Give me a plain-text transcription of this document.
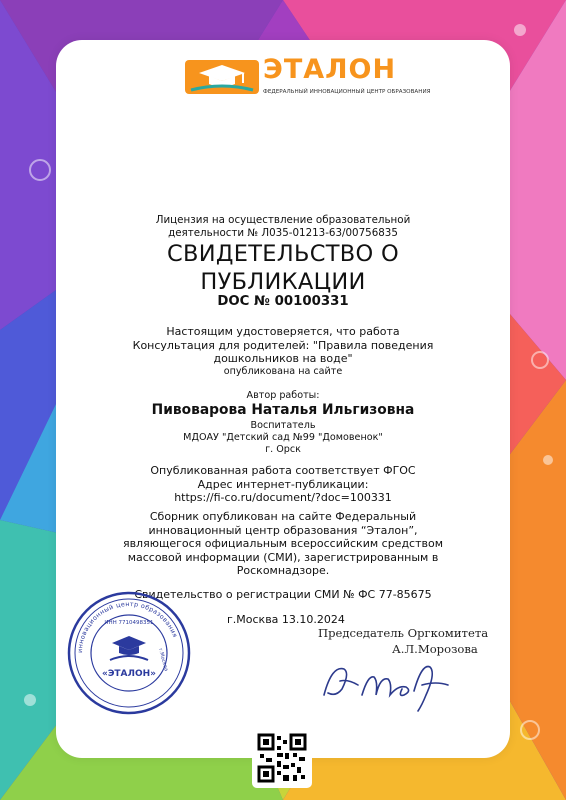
ЭТАЛОН
ФЕДЕРАЛЬНЫЙ ИННОВАЦИОННЫЙ ЦЕНТР ОБРАЗОВАНИЯ
Лицензия на осуществление образовательной
деятельности № Л035-01213-63/00756835
СВИДЕТЕЛЬСТВО О
ПУБЛИКАЦИИ
DOC № 00100331
Настоящим удостоверяется, что работа
Консультация для родителей: "Правила поведения
дошкольников на воде"
опубликована на сайте
Автор работы:
Пивоварова Наталья Ильгизовна
Воспитатель
МДОАУ "Детский сад №99 "Домовенок"
г. Орск
Опубликованная работа соответствует ФГОС
Адрес интернет-публикации:
https://fi-co.ru/document/?doc=100331
Сборник опубликован на сайте Федеральный
инновационный центр образования “Эталон”,
являющегося официальным всероссийским средством
массовой информации (СМИ), зарегистрированным в
Роскомнадзоре.
Свидетельство о регистрации СМИ № ФС 77-85675
г.Москва 13.10.2024
Председатель Оргкомитета
А.Л.Морозова
инновационный центр образования
ИНН 7710498351
«ЭТАЛОН»
г.Москва
